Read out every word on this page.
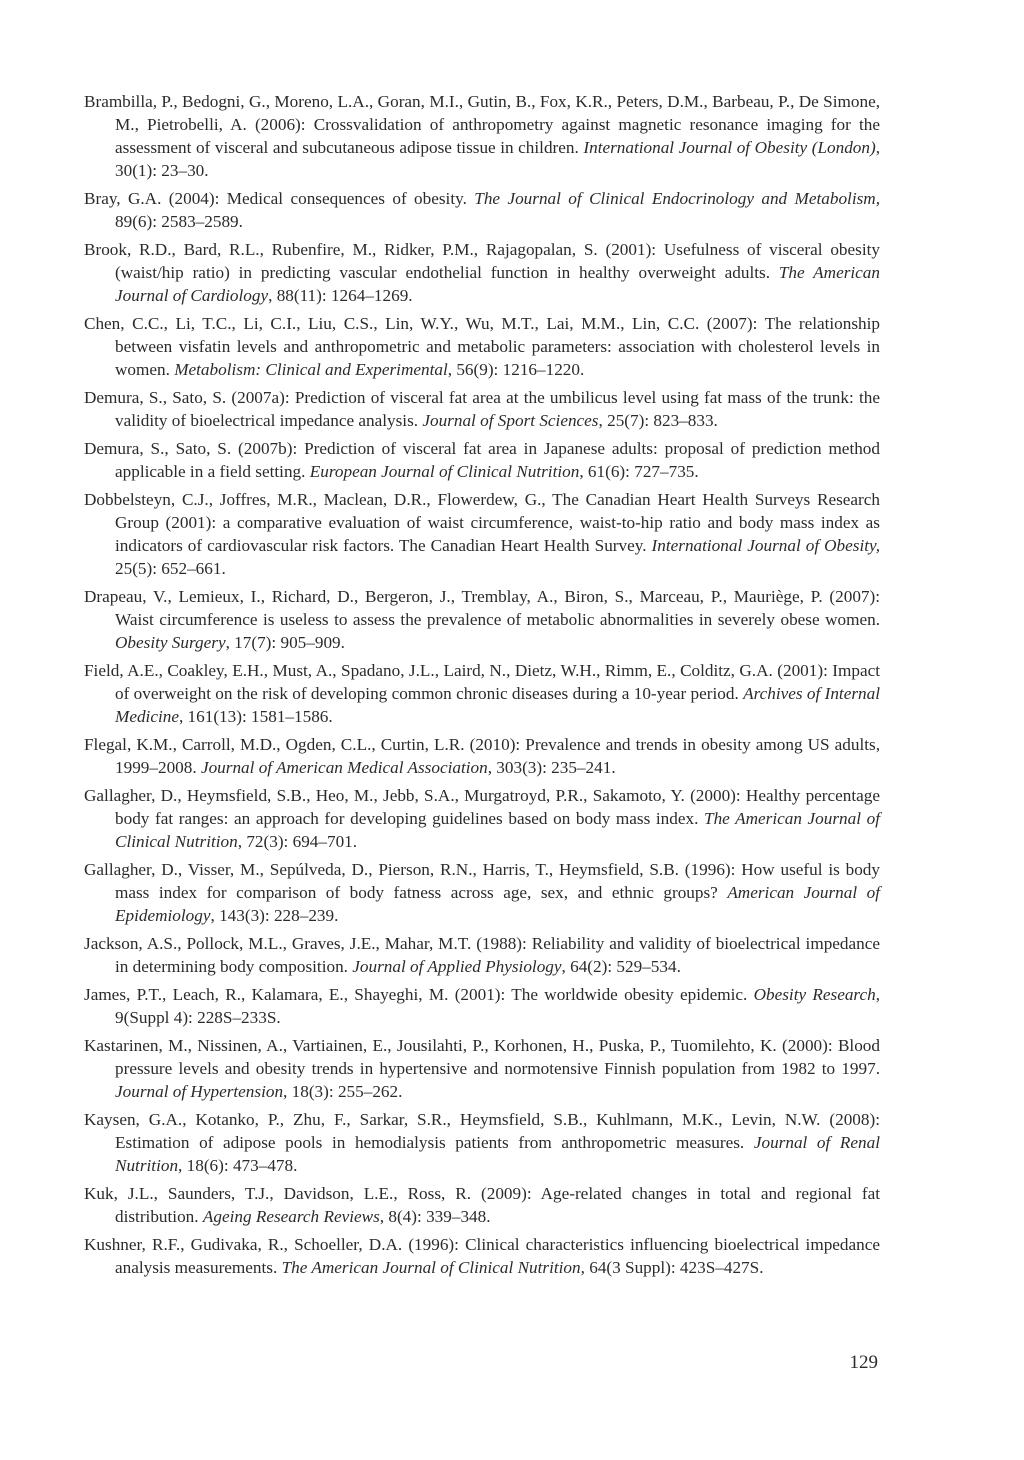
Brambilla, P., Bedogni, G., Moreno, L.A., Goran, M.I., Gutin, B., Fox, K.R., Peters, D.M., Barbeau, P., De Simone, M., Pietrobelli, A. (2006): Crossvalidation of anthropometry against magnetic resonance imaging for the assessment of visceral and subcutaneous adipose tissue in children. International Journal of Obesity (London), 30(1): 23–30.

Bray, G.A. (2004): Medical consequences of obesity. The Journal of Clinical Endocrinology and Metabolism, 89(6): 2583–2589.

Brook, R.D., Bard, R.L., Rubenfire, M., Ridker, P.M., Rajagopalan, S. (2001): Usefulness of visceral obesity (waist/hip ratio) in predicting vascular endothelial function in healthy overweight adults. The American Journal of Cardiology, 88(11): 1264–1269.

Chen, C.C., Li, T.C., Li, C.I., Liu, C.S., Lin, W.Y., Wu, M.T., Lai, M.M., Lin, C.C. (2007): The relationship between visfatin levels and anthropometric and metabolic parameters: association with cholesterol levels in women. Metabolism: Clinical and Experimental, 56(9): 1216–1220.

Demura, S., Sato, S. (2007a): Prediction of visceral fat area at the umbilicus level using fat mass of the trunk: the validity of bioelectrical impedance analysis. Journal of Sport Sciences, 25(7): 823–833.

Demura, S., Sato, S. (2007b): Prediction of visceral fat area in Japanese adults: proposal of prediction method applicable in a field setting. European Journal of Clinical Nutrition, 61(6): 727–735.

Dobbelsteyn, C.J., Joffres, M.R., Maclean, D.R., Flowerdew, G., The Canadian Heart Health Surveys Research Group (2001): a comparative evaluation of waist circumference, waist-to-hip ratio and body mass index as indicators of cardiovascular risk factors. The Canadian Heart Health Survey. International Journal of Obesity, 25(5): 652–661.

Drapeau, V., Lemieux, I., Richard, D., Bergeron, J., Tremblay, A., Biron, S., Marceau, P., Mauriège, P. (2007): Waist circumference is useless to assess the prevalence of metabolic abnormalities in severely obese women. Obesity Surgery, 17(7): 905–909.

Field, A.E., Coakley, E.H., Must, A., Spadano, J.L., Laird, N., Dietz, W.H., Rimm, E., Colditz, G.A. (2001): Impact of overweight on the risk of developing common chronic diseases during a 10-year period. Archives of Internal Medicine, 161(13): 1581–1586.

Flegal, K.M., Carroll, M.D., Ogden, C.L., Curtin, L.R. (2010): Prevalence and trends in obesity among US adults, 1999–2008. Journal of American Medical Association, 303(3): 235–241.

Gallagher, D., Heymsfield, S.B., Heo, M., Jebb, S.A., Murgatroyd, P.R., Sakamoto, Y. (2000): Healthy percentage body fat ranges: an approach for developing guidelines based on body mass index. The American Journal of Clinical Nutrition, 72(3): 694–701.

Gallagher, D., Visser, M., Sepúlveda, D., Pierson, R.N., Harris, T., Heymsfield, S.B. (1996): How useful is body mass index for comparison of body fatness across age, sex, and ethnic groups? American Journal of Epidemiology, 143(3): 228–239.

Jackson, A.S., Pollock, M.L., Graves, J.E., Mahar, M.T. (1988): Reliability and validity of bioelectrical impedance in determining body composition. Journal of Applied Physiology, 64(2): 529–534.

James, P.T., Leach, R., Kalamara, E., Shayeghi, M. (2001): The worldwide obesity epidemic. Obesity Research, 9(Suppl 4): 228S–233S.

Kastarinen, M., Nissinen, A., Vartiainen, E., Jousilahti, P., Korhonen, H., Puska, P., Tuomilehto, K. (2000): Blood pressure levels and obesity trends in hypertensive and normotensive Finnish population from 1982 to 1997. Journal of Hypertension, 18(3): 255–262.

Kaysen, G.A., Kotanko, P., Zhu, F., Sarkar, S.R., Heymsfield, S.B., Kuhlmann, M.K., Levin, N.W. (2008): Estimation of adipose pools in hemodialysis patients from anthropometric measures. Journal of Renal Nutrition, 18(6): 473–478.

Kuk, J.L., Saunders, T.J., Davidson, L.E., Ross, R. (2009): Age-related changes in total and regional fat distribution. Ageing Research Reviews, 8(4): 339–348.

Kushner, R.F., Gudivaka, R., Schoeller, D.A. (1996): Clinical characteristics influencing bioelectrical impedance analysis measurements. The American Journal of Clinical Nutrition, 64(3 Suppl): 423S–427S.

129
